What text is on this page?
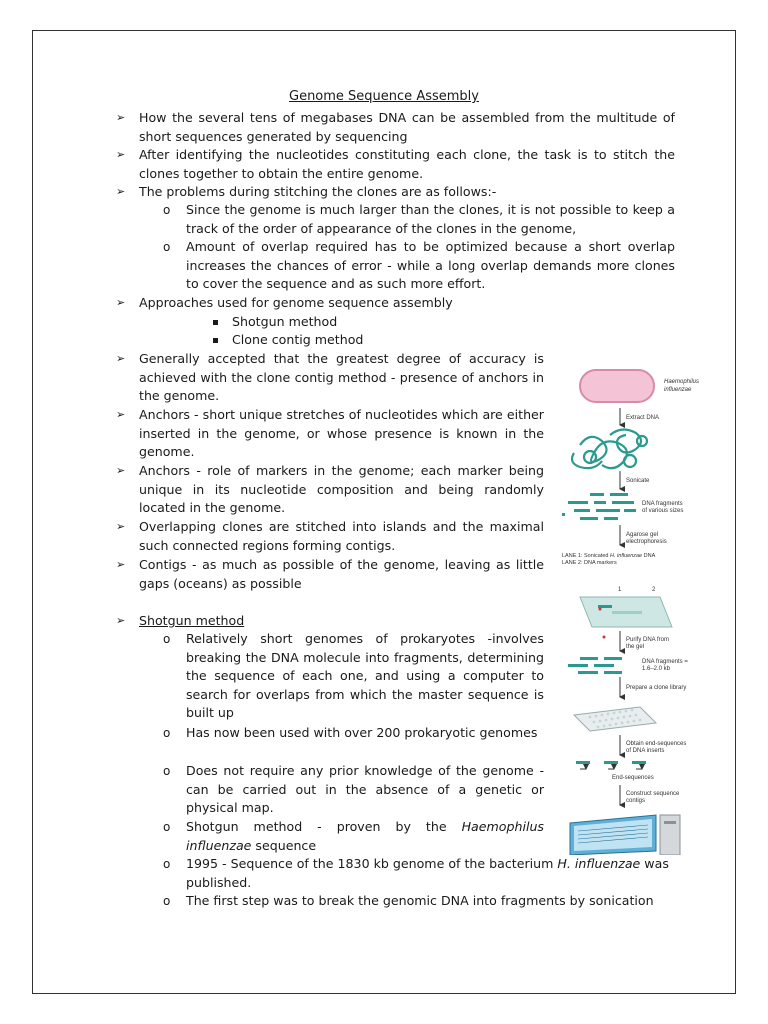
Genome Sequence Assembly
➢ How the several tens of megabases DNA can be assembled from the multitude of short sequences generated by sequencing
➢ After identifying the nucleotides constituting each clone, the task is to stitch the clones together to obtain the entire genome.
➢ The problems during stitching the clones are as follows:-
o Since the genome is much larger than the clones, it is not possible to keep a track of the order of appearance of the clones in the genome,
o Amount of overlap required has to be optimized because a short overlap increases the chances of error - while a long overlap demands more clones to cover the sequence and as such more effort.
➢ Approaches used for genome sequence assembly
Shotgun method
Clone contig method
➢ Generally accepted that the greatest degree of accuracy is achieved with the clone contig method - presence of anchors in the genome.
➢ Anchors - short unique stretches of nucleotides which are either inserted in the genome, or whose presence is known in the genome.
➢ Anchors - role of markers in the genome; each marker being unique in its nucleotide composition and being randomly located in the genome.
➢ Overlapping clones are stitched into islands and the maximal such connected regions forming contigs.
➢ Contigs - as much as possible of the genome, leaving as little gaps (oceans) as possible
➢ Shotgun method
o Relatively short genomes of prokaryotes -involves breaking the DNA molecule into fragments, determining the sequence of each one, and using a computer to search for overlaps from which the master sequence is built up
o Has now been used with over 200 prokaryotic genomes
o Does not require any prior knowledge of the genome - can be carried out in the absence of a genetic or physical map.
o Shotgun method - proven by the Haemophilus influenzae sequence
o 1995 - Sequence of the 1830 kb genome of the bacterium H. influenzae was published.
o The first step was to break the genomic DNA into fragments by sonication
Haemophilus
influenzae
Extract DNA
Sonicate
DNA fragments
of various sizes
Agarose gel
electrophoresis
LANE 1: Sonicated H. influenzae DNA
LANE 2: DNA markers
1	2
Purify DNA from
the gel
DNA fragments =
1.6–2.0 kb
Prepare a clone library
Obtain end-sequences
of DNA inserts
End-sequences
Construct sequence
contigs
